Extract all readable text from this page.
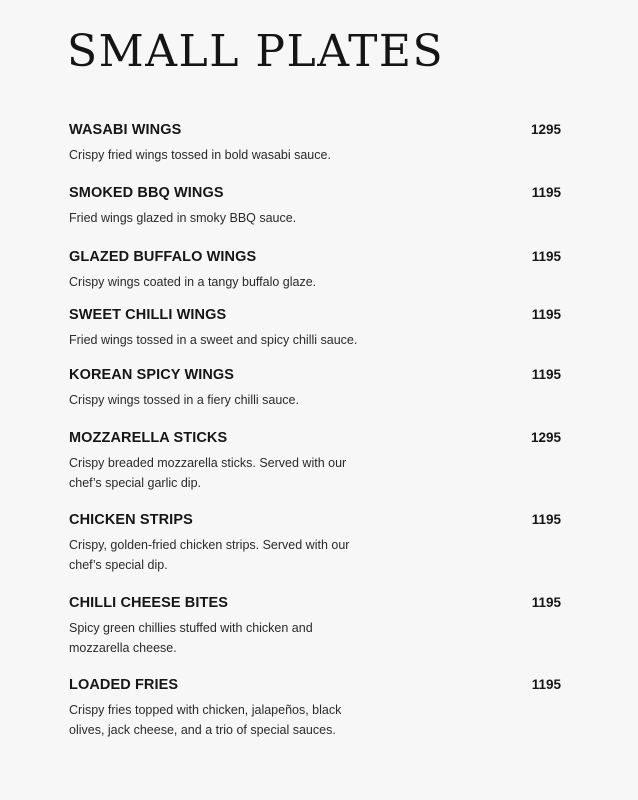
SMALL PLATES
WASABI WINGS	1295
Crispy fried wings tossed in bold wasabi sauce.
SMOKED BBQ WINGS	1195
Fried wings glazed in smoky BBQ sauce.
GLAZED BUFFALO WINGS	1195
Crispy wings coated in a tangy buffalo glaze.
SWEET CHILLI WINGS	1195
Fried wings tossed in a sweet and spicy chilli sauce.
KOREAN SPICY WINGS	1195
Crispy wings tossed in a fiery chilli sauce.
MOZZARELLA STICKS	1295
Crispy breaded mozzarella sticks. Served with our
chef’s special garlic dip.
CHICKEN STRIPS	1195
Crispy, golden-fried chicken strips. Served with our
chef’s special dip.
CHILLI CHEESE BITES	1195
Spicy green chillies stuffed with chicken and
mozzarella cheese.
LOADED FRIES	1195
Crispy fries topped with chicken, jalapeños, black
olives, jack cheese, and a trio of special sauces.
